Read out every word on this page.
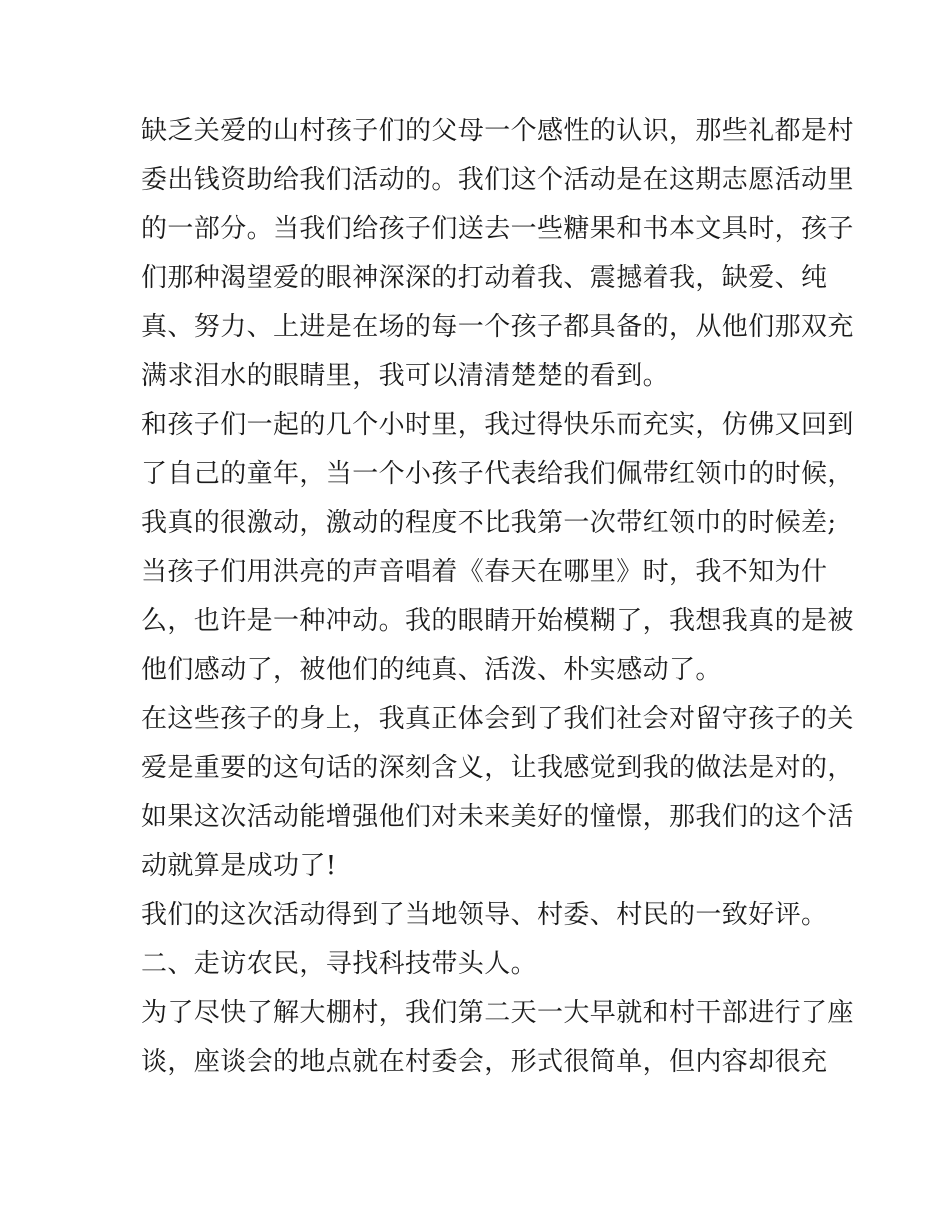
缺乏关爱的山村孩子们的父母一个感性的认识，那些礼都是村
委出钱资助给我们活动的。我们这个活动是在这期志愿活动里
的一部分。当我们给孩子们送去一些糖果和书本文具时，孩子
们那种渴望爱的眼神深深的打动着我、震撼着我，缺爱、纯
真、努力、上进是在场的每一个孩子都具备的，从他们那双充
满求泪水的眼睛里，我可以清清楚楚的看到。
和孩子们一起的几个小时里，我过得快乐而充实，仿佛又回到
了自己的童年，当一个小孩子代表给我们佩带红领巾的时候，
我真的很激动，激动的程度不比我第一次带红领巾的时候差;
当孩子们用洪亮的声音唱着《春天在哪里》时，我不知为什
么，也许是一种冲动。我的眼睛开始模糊了，我想我真的是被
他们感动了，被他们的纯真、活泼、朴实感动了。
在这些孩子的身上，我真正体会到了我们社会对留守孩子的关
爱是重要的这句话的深刻含义，让我感觉到我的做法是对的，
如果这次活动能增强他们对未来美好的憧憬，那我们的这个活
动就算是成功了!
我们的这次活动得到了当地领导、村委、村民的一致好评。
二、走访农民，寻找科技带头人。
为了尽快了解大棚村，我们第二天一大早就和村干部进行了座
谈，座谈会的地点就在村委会，形式很简单，但内容却很充
